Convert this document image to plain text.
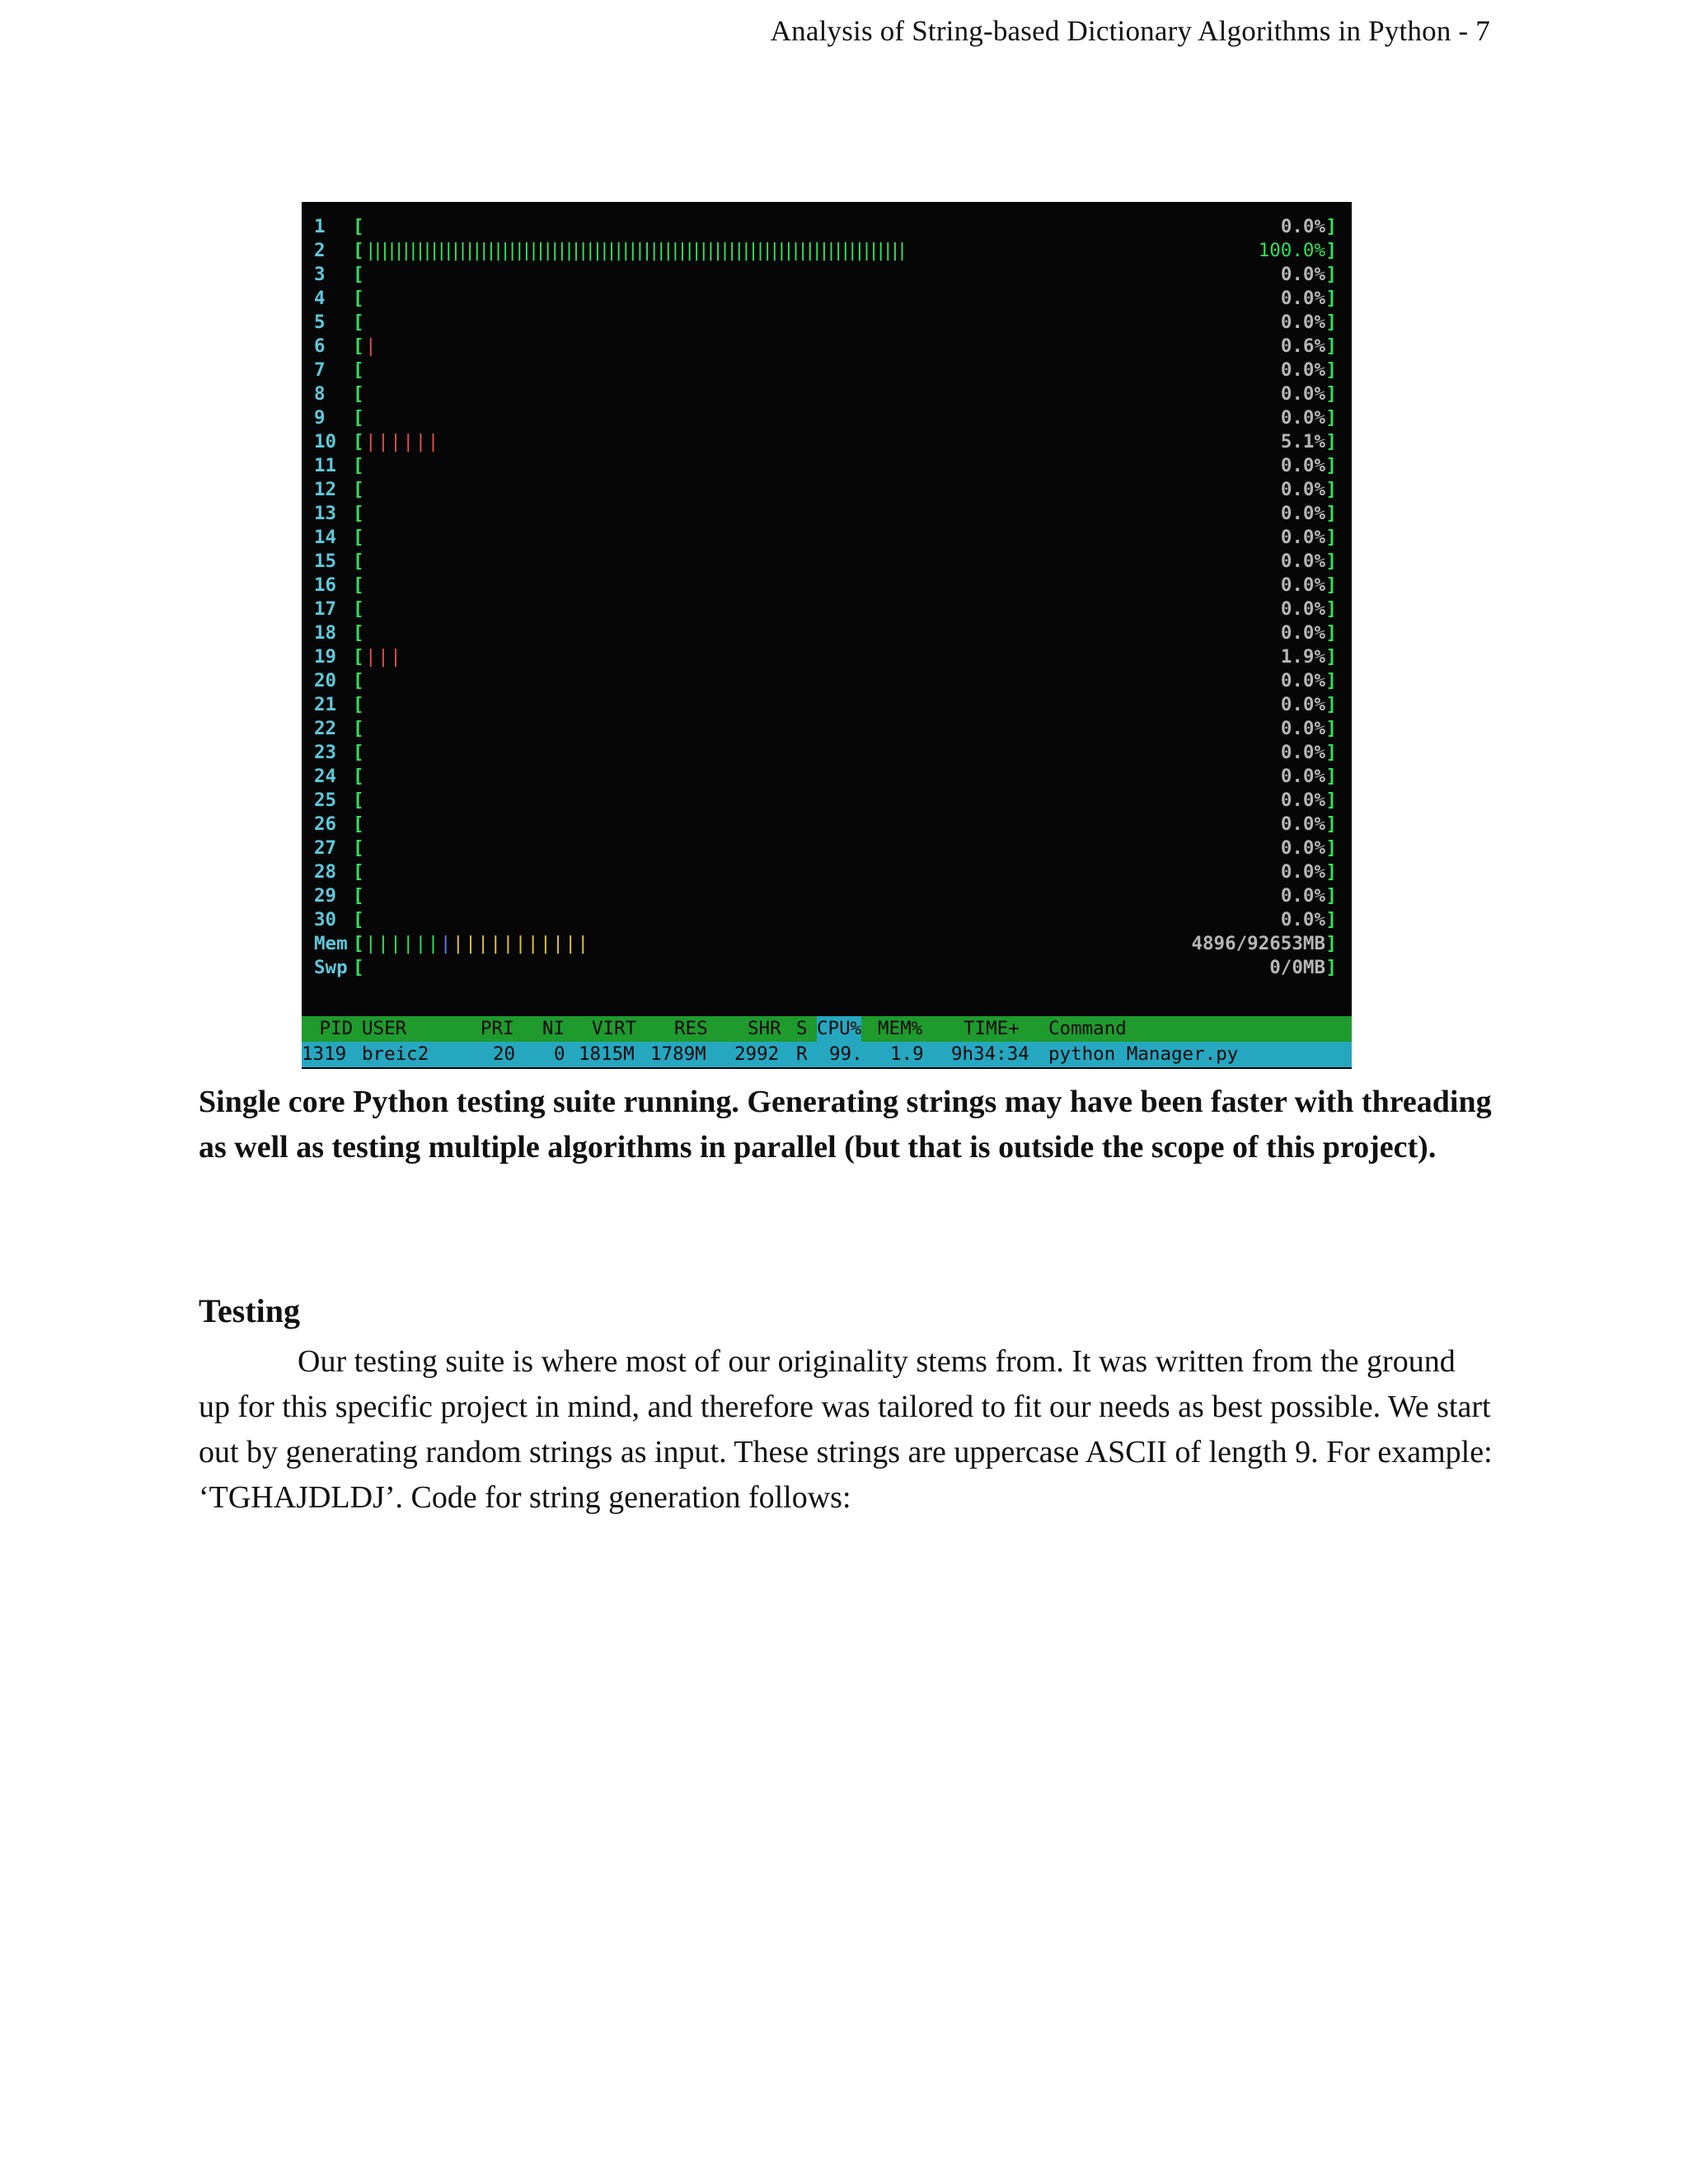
Analysis of String-based Dictionary Algorithms in Python - 7
1	[	0.0% ]
2	[ ||||||||||||||||||||||||||||||||||||||||||||||||||||||||||||||||||||||||||||	100.0% ]
3	[	0.0% ]
4	[	0.0% ]
5	[	0.0% ]
6	[ |	0.6% ]
7	[	0.0% ]
8	[	0.0% ]
9	[	0.0% ]
10 [ ||||||	5.1% ]
11 [	0.0% ]
12 [	0.0% ]
13 [	0.0% ]
14 [	0.0% ]
15 [	0.0% ]
16 [	0.0% ]
17 [	0.0% ]
18 [	0.0% ]
19 [ |||	1.9% ]
20 [	0.0% ]
21 [	0.0% ]
22 [	0.0% ]
23 [	0.0% ]
24 [	0.0% ]
25 [	0.0% ]
26 [	0.0% ]
27 [	0.0% ]
28 [	0.0% ]
29 [	0.0% ]
30 [	0.0% ]
Mem [ ||||||||||||||||||	4896/92653MB ]
Swp [	0/0MB ]
PID USER	PRI NI VIRT RES SHR S CPU% MEM% TIME+ Command
1319 breic2	20 0 1815M 1789M 2992 R 99. 1.9 9h34:34 python Manager.py
Single core Python testing suite running. Generating strings may have been faster with threading as well as testing multiple algorithms in parallel (but that is outside the scope of this project).
Testing
Our testing suite is where most of our originality stems from. It was written from the ground up for this specific project in mind, and therefore was tailored to fit our needs as best possible. We start out by generating random strings as input. These strings are uppercase ASCII of length 9. For example: ‘TGHAJDLDJ’. Code for string generation follows:
